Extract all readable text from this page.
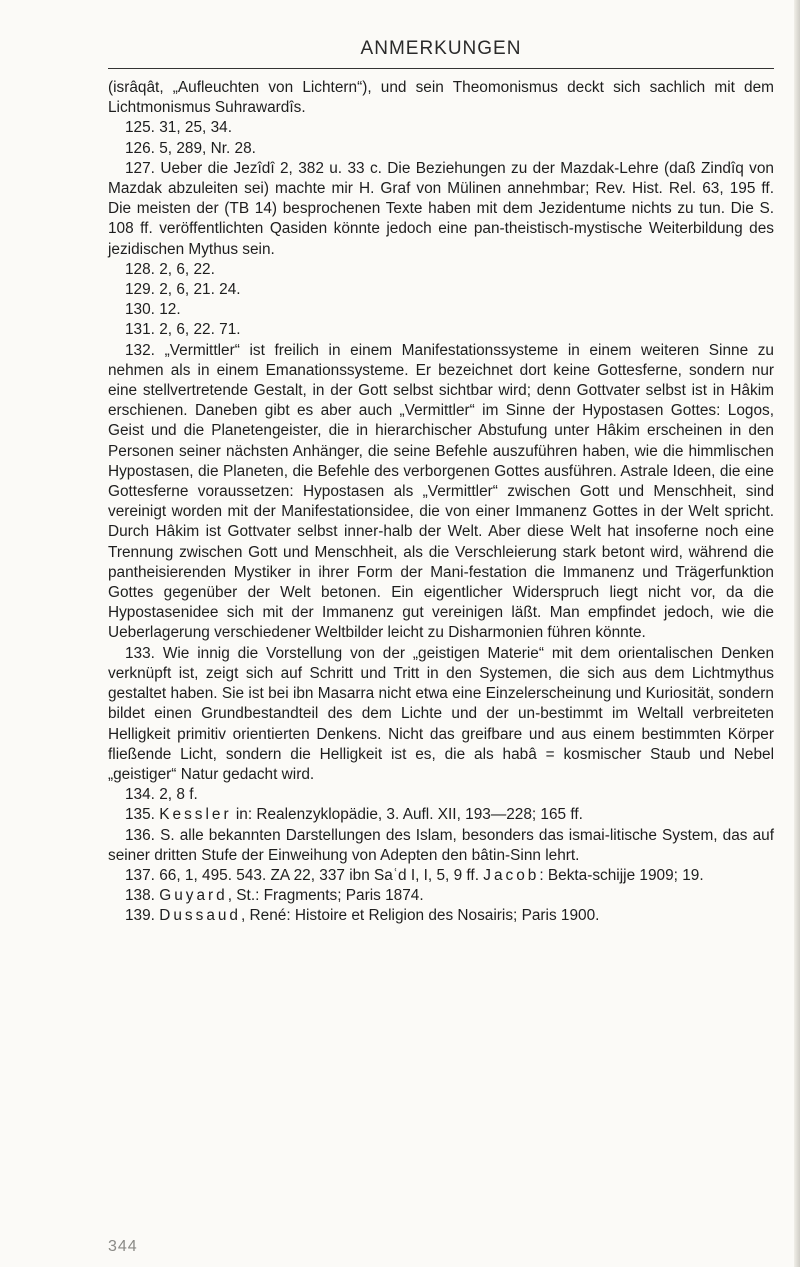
ANMERKUNGEN

(isrâqât, „Aufleuchten von Lichtern“), und sein Theomonismus deckt sich sachlich mit dem Lichtmonismus Suhrawardîs.

125. 31, 25, 34.

126. 5, 289, Nr. 28.

127. Ueber die Jezîdî 2, 382 u. 33 c. Die Beziehungen zu der Mazdak-Lehre (daß Zindîq von Mazdak abzuleiten sei) machte mir H. Graf von Mülinen annehmbar; Rev. Hist. Rel. 63, 195 ff. Die meisten der (TB 14) besprochenen Texte haben mit dem Jezidentume nichts zu tun. Die S. 108 ff. veröffentlichten Qasiden könnte jedoch eine pan-theistisch-mystische Weiterbildung des jezidischen Mythus sein.

128. 2, 6, 22.

129. 2, 6, 21. 24.

130. 12.

131. 2, 6, 22. 71.

132. „Vermittler“ ist freilich in einem Manifestationssysteme in einem weiteren Sinne zu nehmen als in einem Emanationssysteme. Er bezeichnet dort keine Gottesferne, sondern nur eine stellvertretende Gestalt, in der Gott selbst sichtbar wird; denn Gottvater selbst ist in Hâkim erschienen. Daneben gibt es aber auch „Vermittler“ im Sinne der Hypostasen Gottes: Logos, Geist und die Planetengeister, die in hierarchischer Abstufung unter Hâkim erscheinen in den Personen seiner nächsten Anhänger, die seine Befehle auszuführen haben, wie die himmlischen Hypostasen, die Planeten, die Befehle des verborgenen Gottes ausführen. Astrale Ideen, die eine Gottesferne voraussetzen: Hypostasen als „Vermittler“ zwischen Gott und Menschheit, sind vereinigt worden mit der Manifestationsidee, die von einer Immanenz Gottes in der Welt spricht. Durch Hâkim ist Gottvater selbst inner-halb der Welt. Aber diese Welt hat insoferne noch eine Trennung zwischen Gott und Menschheit, als die Verschleierung stark betont wird, während die pantheisierenden Mystiker in ihrer Form der Mani-festation die Immanenz und Trägerfunktion Gottes gegenüber der Welt betonen. Ein eigentlicher Widerspruch liegt nicht vor, da die Hypostasenidee sich mit der Immanenz gut vereinigen läßt. Man empfindet jedoch, wie die Ueberlagerung verschiedener Weltbilder leicht zu Disharmonien führen könnte.

133. Wie innig die Vorstellung von der „geistigen Materie“ mit dem orientalischen Denken verknüpft ist, zeigt sich auf Schritt und Tritt in den Systemen, die sich aus dem Lichtmythus gestaltet haben. Sie ist bei ibn Masarra nicht etwa eine Einzelerscheinung und Kuriosität, sondern bildet einen Grundbestandteil des dem Lichte und der un-bestimmt im Weltall verbreiteten Helligkeit primitiv orientierten Denkens. Nicht das greifbare und aus einem bestimmten Körper fließende Licht, sondern die Helligkeit ist es, die als habâ = kosmischer Staub und Nebel „geistiger“ Natur gedacht wird.

134. 2, 8 f.

135. Kessler in: Realenzyklopädie, 3. Aufl. XII, 193—228; 165 ff.

136. S. alle bekannten Darstellungen des Islam, besonders das ismai-litische System, das auf seiner dritten Stufe der Einweihung von Adepten den bâtin-Sinn lehrt.

137. 66, 1, 495. 543. ZA 22, 337 ibn Saʿd I, I, 5, 9 ff. Jacob: Bekta-schijje 1909; 19.

138. Guyard, St.: Fragments; Paris 1874.

139. Dussaud, René: Histoire et Religion des Nosairis; Paris 1900.

344
